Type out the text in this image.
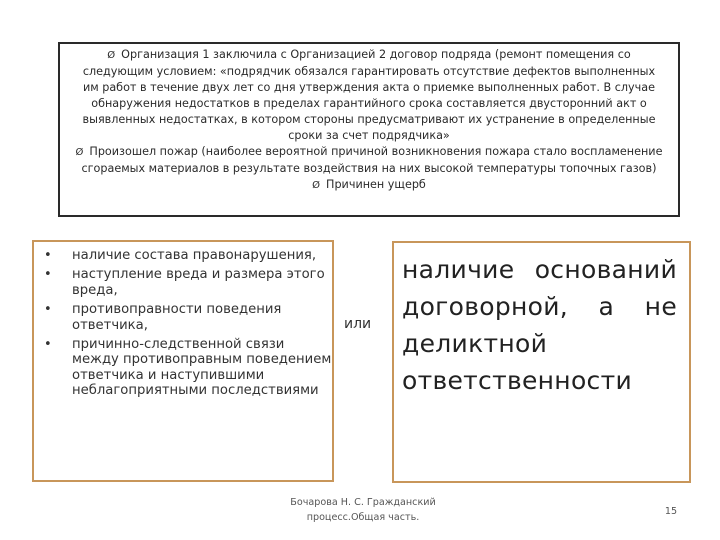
Ø Организация 1 заключила с Организацией 2 договор подряда (ремонт помещения со следующим условием: «подрядчик обязался гарантировать отсутствие дефектов выполненных им работ в течение двух лет со дня утверждения акта о приемке выполненных работ. В случае обнаружения недостатков в пределах гарантийного срока составляется двусторонний акт о выявленных недостатках, в котором стороны предусматривают их устранение в определенные сроки за счет подрядчика»

Ø Произошел пожар (наиболее вероятной причиной возникновения пожара стало воспламенение сгораемых материалов в результате воздействия на них высокой температуры топочных газов)

Ø Причинен ущерб

• наличие состава правонарушения,
• наступление вреда и размера этого вреда,
• противоправности поведения ответчика,
• причинно-следственной связи между противоправным поведением ответчика и наступившими неблагоприятными последствиями
или
наличие оснований договорной, а не деликтной ответственности
Бочарова Н. С. Гражданский процесс.Общая часть.
15
